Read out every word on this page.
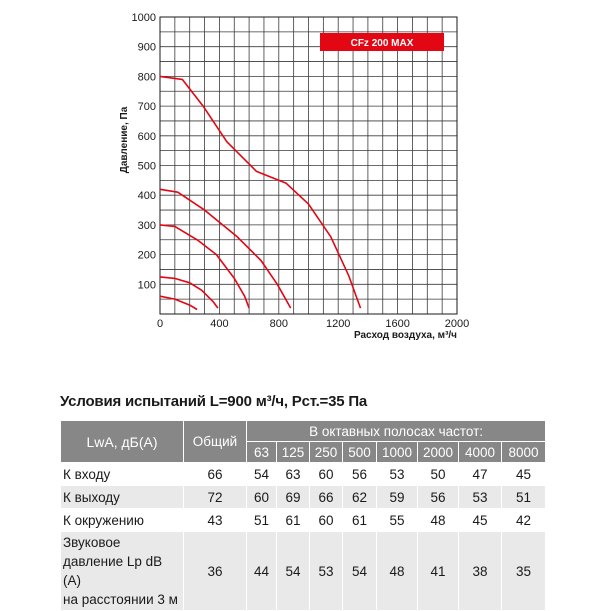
100
200
300
400
500
600
700
800
900
1000
0	400	800	1200	1600	2000
Давление, Па
Расход воздуха, м³/ч
CFz 200 MAX
Условия испытаний L=900 м³/ч, Рст.=35 Па
LwA, дБ(А)	Общий	В октавных полосах частот:							
		63	125	250	500	1000	2000	4000	8000
К входу	66	54	63	60	56	53	50	47	45
К выходу	72	60	69	66	62	59	56	53	51
К окружению	43	51	61	60	61	55	48	45	42

Звуковое
давление Lp dB (A)
на расстоянии 3 м	36	44	54	53	54	48	41	38	35
